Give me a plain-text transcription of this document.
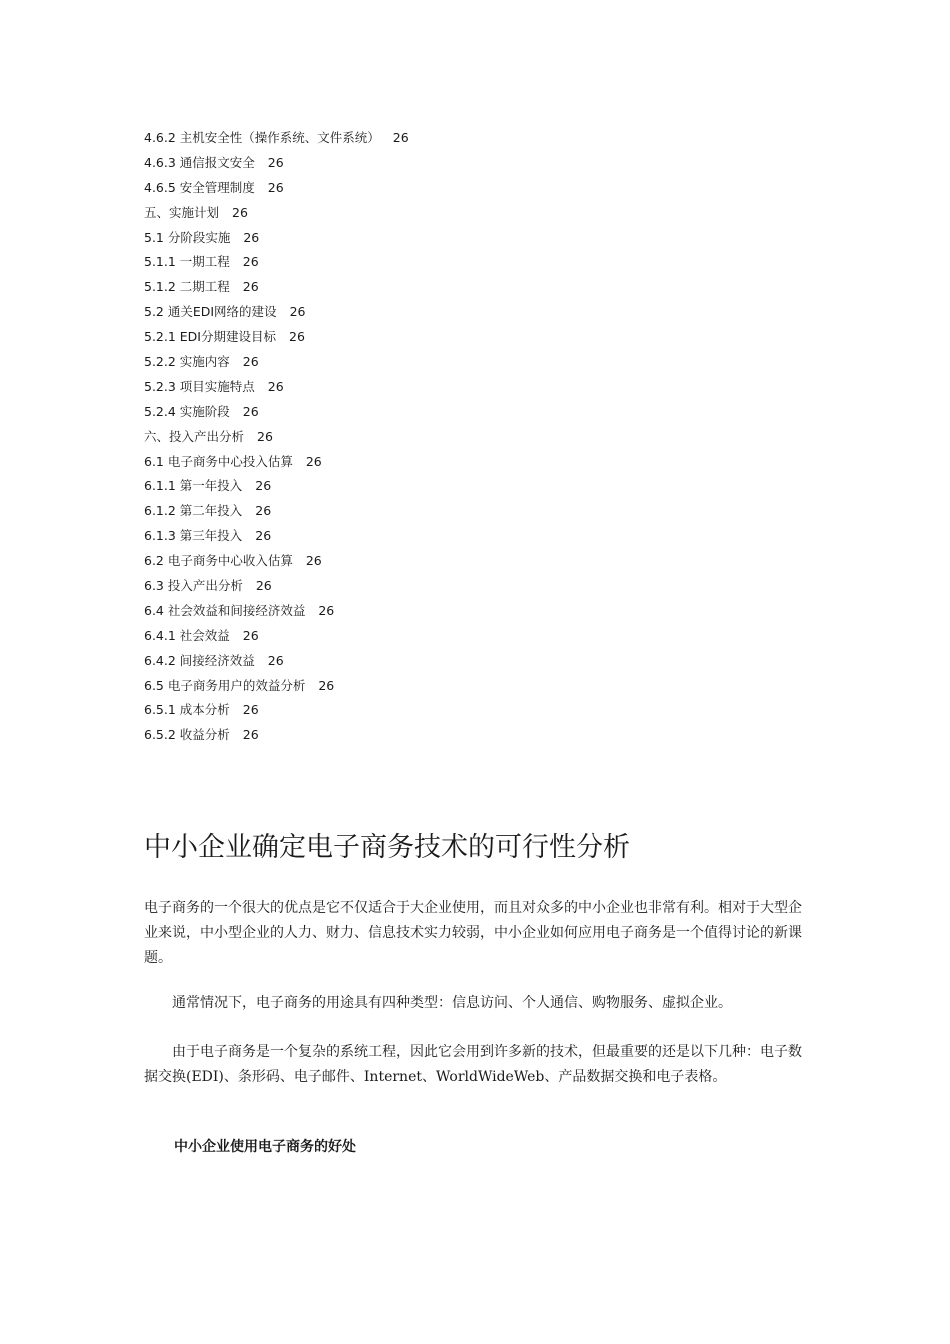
4.6.2 主机安全性（操作系统、文件系统） 26
4.6.3 通信报文安全 26
4.6.5 安全管理制度 26
五、实施计划 26
5.1 分阶段实施 26
5.1.1 一期工程 26
5.1.2 二期工程 26
5.2 通关EDI网络的建设 26
5.2.1 EDI分期建设目标 26
5.2.2 实施内容 26
5.2.3 项目实施特点 26
5.2.4 实施阶段 26
六、投入产出分析 26
6.1 电子商务中心投入估算 26
6.1.1 第一年投入 26
6.1.2 第二年投入 26
6.1.3 第三年投入 26
6.2 电子商务中心收入估算 26
6.3 投入产出分析 26
6.4 社会效益和间接经济效益 26
6.4.1 社会效益 26
6.4.2 间接经济效益 26
6.5 电子商务用户的效益分析 26
6.5.1 成本分析 26
6.5.2 收益分析 26
中小企业确定电子商务技术的可行性分析

电子商务的一个很大的优点是它不仅适合于大企业使用，而且对众多的中小企业也非常有利。相对于大型企业来说，中小型企业的人力、财力、信息技术实力较弱，中小企业如何应用电子商务是一个值得讨论的新课题。

通常情况下，电子商务的用途具有四种类型：信息访问、个人通信、购物服务、虚拟企业。

由于电子商务是一个复杂的系统工程，因此它会用到许多新的技术，但最重要的还是以下几种：电子数据交换(EDI)、条形码、电子邮件、Internet、WorldWideWeb、产品数据交换和电子表格。

中小企业使用电子商务的好处
